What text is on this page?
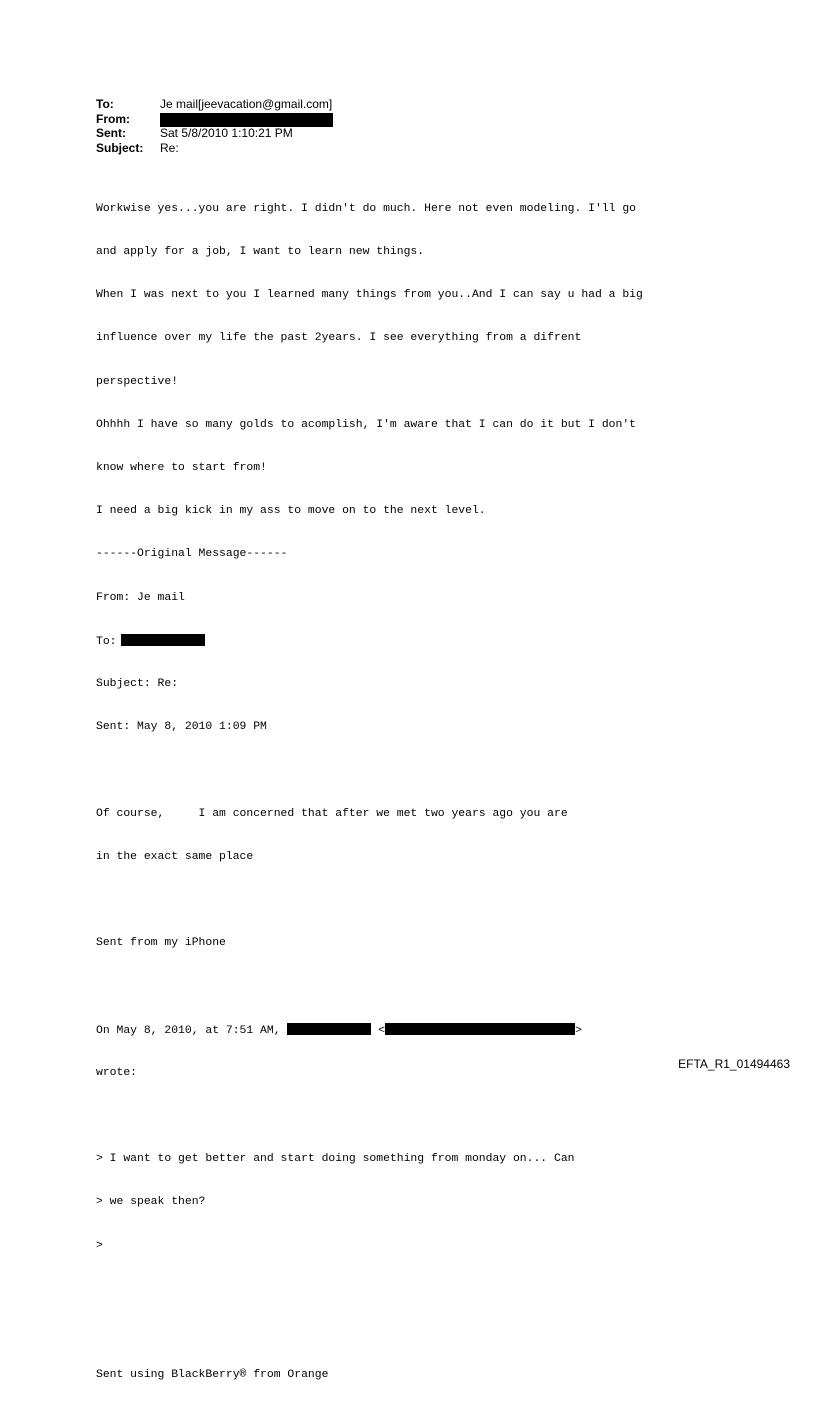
To:	Je mail[jeevacation@gmail.com]
From:
Sent:	Sat 5/8/2010 1:10:21 PM
Subject:	Re:

Workwise yes...you are right. I didn't do much. Here not even modeling. I'll go

and apply for a job, I want to learn new things.

When I was next to you I learned many things from you..And I can say u had a big

influence over my life the past 2years. I see everything from a difrent

perspective!

Ohhhh I have so many golds to acomplish, I'm aware that I can do it but I don't

know where to start from!

I need a big kick in my ass to move on to the next level.

------Original Message------

From: Je mail

To:

Subject: Re:

Sent: May 8, 2010 1:09 PM

Of course,     I am concerned that after we met two years ago you are

in the exact same place

Sent from my iPhone

On May 8, 2010, at 7:51 AM,	<	>

wrote:

> I want to get better and start doing something from monday on... Can

> we speak then?

>

Sent using BlackBerry® from Orange

EFTA_R1_01494463
